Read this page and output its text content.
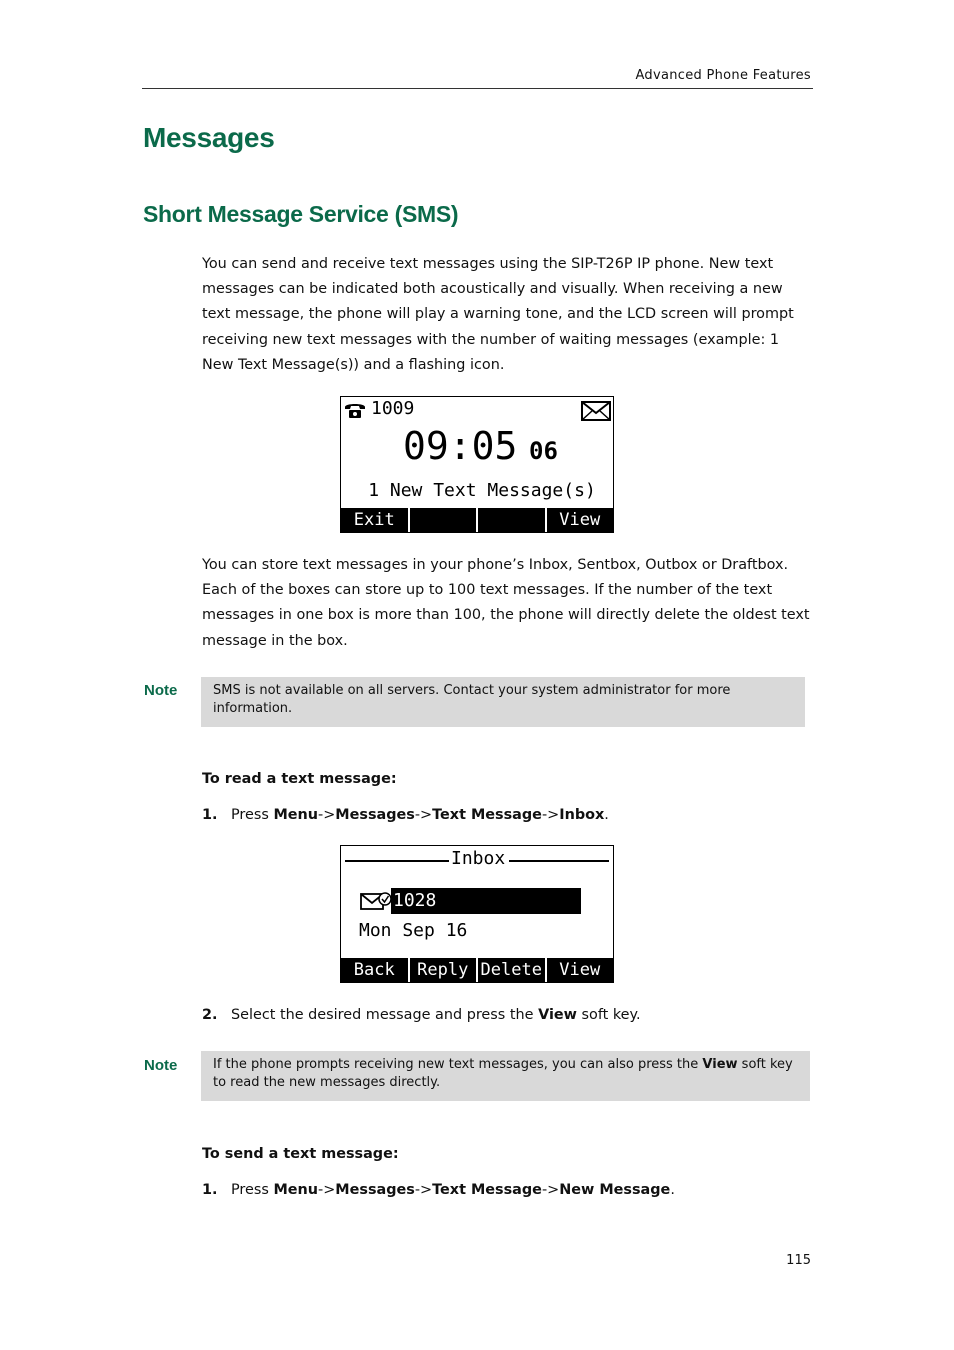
Advanced Phone Features
Messages
Short Message Service (SMS)

You can send and receive text messages using the SIP-T26P IP phone. New text messages can be indicated both acoustically and visually. When receiving a new text message, the phone will play a warning tone, and the LCD screen will prompt receiving new text messages with the number of waiting messages (example: 1 New Text Message(s)) and a flashing icon.

1009
09:05 06
1 New Text Message(s)
Exit	View

You can store text messages in your phone’s Inbox, Sentbox, Outbox or Draftbox. Each of the boxes can store up to 100 text messages. If the number of the text messages in one box is more than 100, the phone will directly delete the oldest text message in the box.

Note	SMS is not available on all servers. Contact your system administrator for more information.
To read a text message:
1. Press Menu->Messages->Text Message->Inbox.
Inbox
1028
Mon Sep 16
Back	Reply Delete	View
2. Select the desired message and press the View soft key.
Note	If the phone prompts receiving new text messages, you can also press the View soft key to read the new messages directly.
To send a text message:
1. Press Menu->Messages->Text Message->New Message.
115
